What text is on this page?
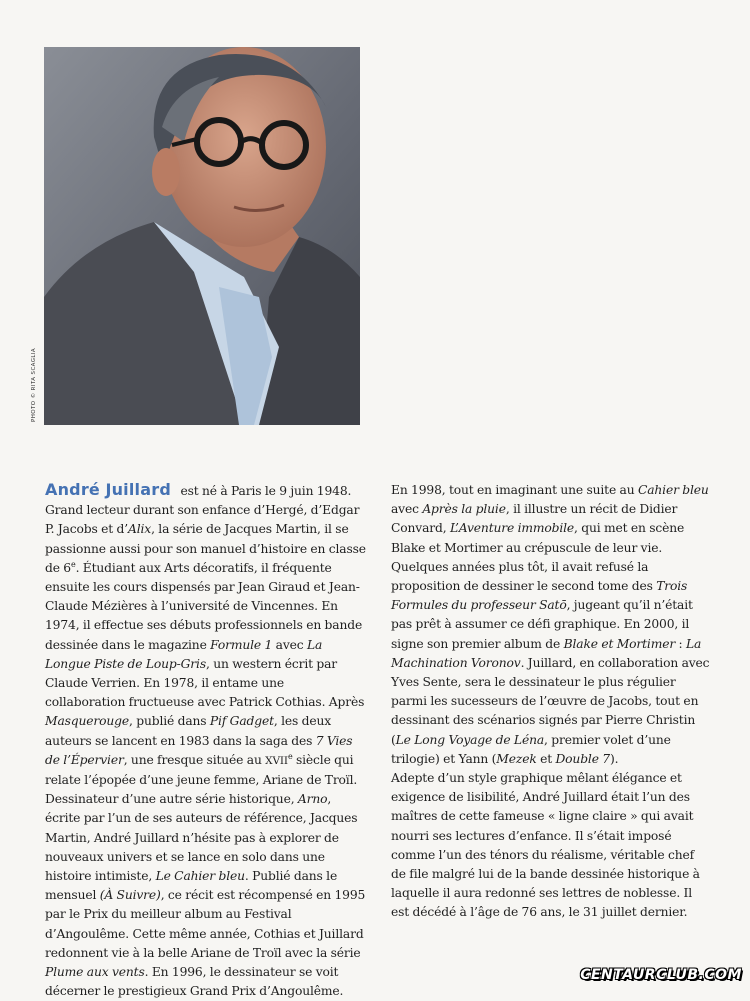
PHOTO © RITA SCAGLIA

André Juillard est né à Paris le 9 juin 1948. Grand lecteur durant son enfance d’Hergé, d’Edgar P. Jacobs et d’Alix, la série de Jacques Martin, il se passionne aussi pour son manuel d’histoire en classe de 6e. Étudiant aux Arts décoratifs, il fréquente ensuite les cours dispensés par Jean Giraud et Jean-Claude Mézières à l’université de Vincennes. En 1974, il effectue ses débuts professionnels en bande dessinée dans le magazine Formule 1 avec La Longue Piste de Loup-Gris, un western écrit par Claude Verrien. En 1978, il entame une collaboration fructueuse avec Patrick Cothias. Après Masquerouge, publié dans Pif Gadget, les deux auteurs se lancent en 1983 dans la saga des 7 Vies de l’Épervier, une fresque située au XVIIe siècle qui relate l’épopée d’une jeune femme, Ariane de Troïl. Dessinateur d’une autre série historique, Arno, écrite par l’un de ses auteurs de référence, Jacques Martin, André Juillard n’hésite pas à explorer de nouveaux univers et se lance en solo dans une histoire intimiste, Le Cahier bleu. Publié dans le mensuel (À Suivre), ce récit est récompensé en 1995 par le Prix du meilleur album au Festival d’Angoulême. Cette même année, Cothias et Juillard redonnent vie à la belle Ariane de Troïl avec la série Plume aux vents. En 1996, le dessinateur se voit décerner le prestigieux Grand Prix d’Angoulême.

En 1998, tout en imaginant une suite au Cahier bleu avec Après la pluie, il illustre un récit de Didier Convard, L’Aventure immobile, qui met en scène Blake et Mortimer au crépuscule de leur vie. Quelques années plus tôt, il avait refusé la proposition de dessiner le second tome des Trois Formules du professeur Satō, jugeant qu’il n’était pas prêt à assumer ce défi graphique. En 2000, il signe son premier album de Blake et Mortimer : La Machination Voronov. Juillard, en collaboration avec Yves Sente, sera le dessinateur le plus régulier parmi les sucesseurs de l’œuvre de Jacobs, tout en dessinant des scénarios signés par Pierre Christin (Le Long Voyage de Léna, premier volet d’une trilogie) et Yann (Mezek et Double 7).

Adepte d’un style graphique mêlant élégance et exigence de lisibilité, André Juillard était l’un des maîtres de cette fameuse « ligne claire » qui avait nourri ses lectures d’enfance. Il s’était imposé comme l’un des ténors du réalisme, véritable chef de file malgré lui de la bande dessinée historique à laquelle il aura redonné ses lettres de noblesse. Il est décédé à l’âge de 76 ans, le 31 juillet dernier.

CENTAURCLUB.COM
